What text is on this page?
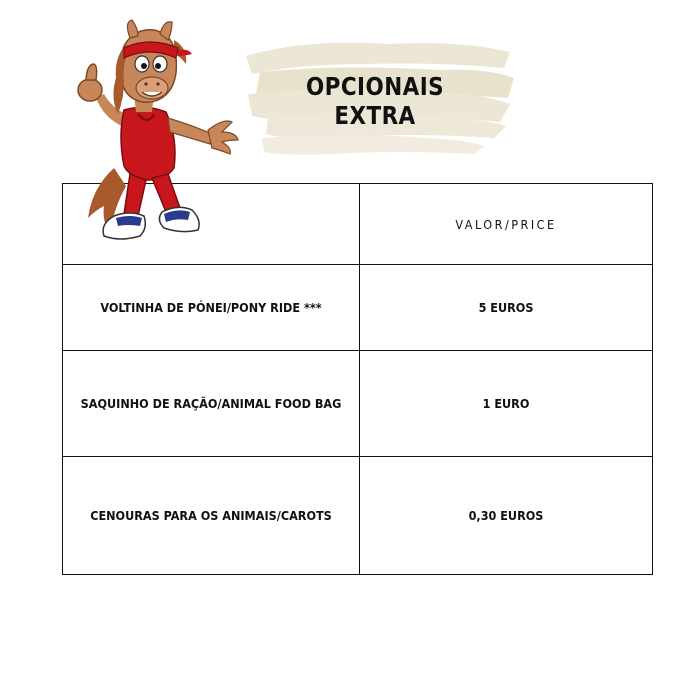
OPCIONAIS EXTRA
	VALOR/PRICE
VOLTINHA DE PÓNEI/PONY RIDE ***	5 EUROS
SAQUINHO DE RAÇÃO/ANIMAL FOOD BAG	1 EURO
CENOURAS PARA OS ANIMAIS/CAROTS	0,30 EUROS
